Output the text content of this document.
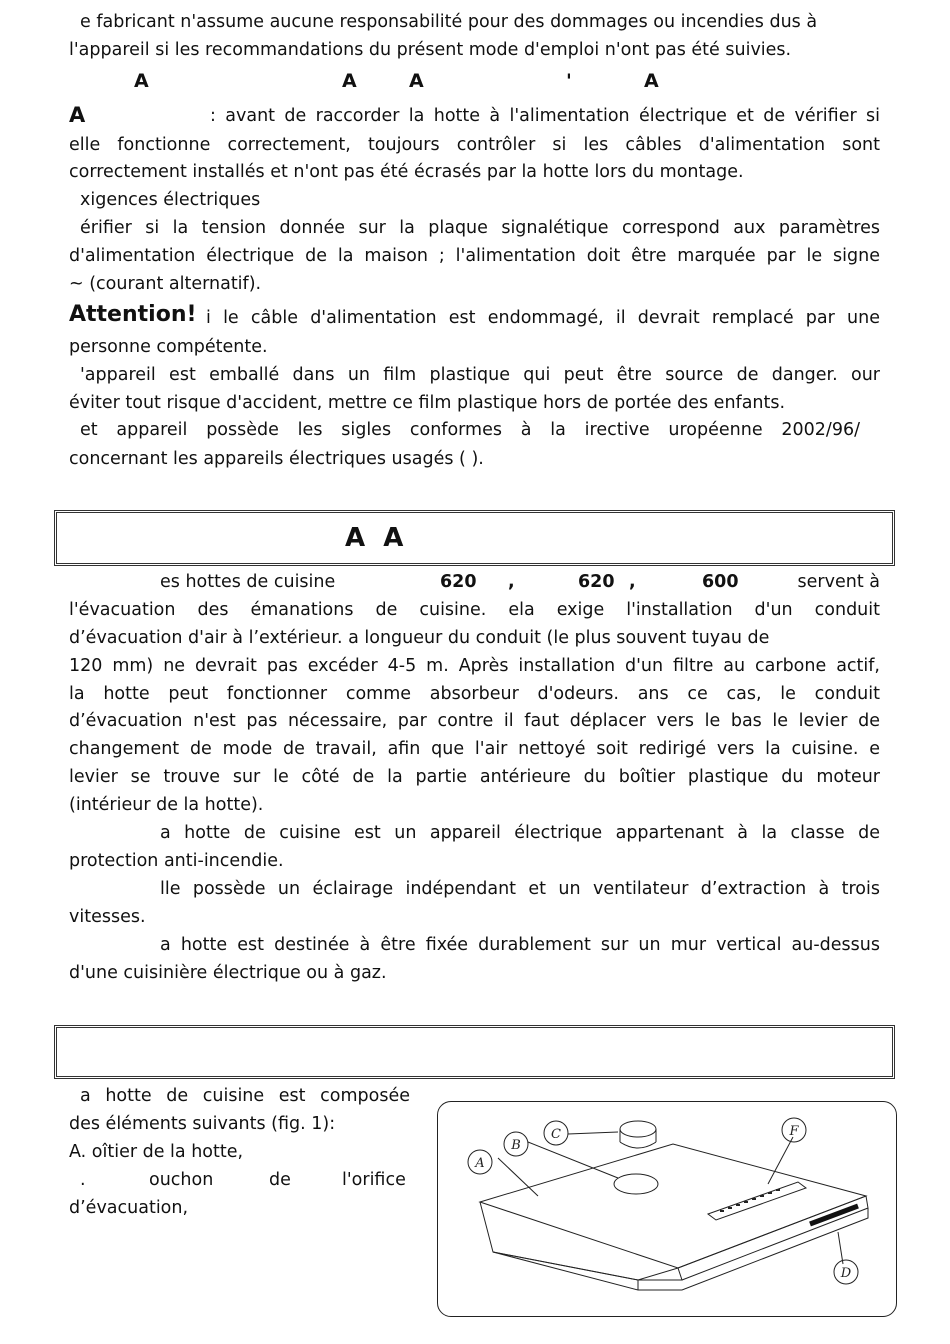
e fabricant n'assume aucune responsabilité pour des dommages ou incendies dus à
l'appareil si les recommandations du présent mode d'emploi n'ont pas été suivies.
A	A	A	'	A
A	: avant de raccorder la hotte à l'alimentation électrique et de vérifier si
elle fonctionne correctement, toujours contrôler si les câbles d'alimentation sont
correctement installés et n'ont pas été écrasés par la hotte lors du montage.
xigences électriques
érifier si la tension donnée sur la plaque signalétique correspond aux paramètres
d'alimentation électrique de la maison ; l'alimentation doit être marquée par le signe
~ (courant alternatif).
Attention! i le câble d'alimentation est endommagé, il devrait remplacé par une
personne compétente.
'appareil est emballé dans un film plastique qui peut être source de danger. our
éviter tout risque d'accident, mettre ce film plastique hors de portée des enfants.
et appareil possède les sigles conformes à la irective uropéenne 2002/96/
concernant les appareils électriques usagés ( ).
A  A
es hottes de cuisine	620 ,	620 ,	600	servent à
l'évacuation des émanations de cuisine. ela exige l'installation d'un conduit
d’évacuation d'air à l’extérieur. a longueur du conduit (le plus souvent tuyau de
120 mm) ne devrait pas excéder 4-5 m. Après installation d'un filtre au carbone actif,
la hotte peut fonctionner comme absorbeur d'odeurs. ans ce cas, le conduit
d’évacuation n'est pas nécessaire, par contre il faut déplacer vers le bas le levier de
changement de mode de travail, afin que l'air nettoyé soit redirigé vers la cuisine. e
levier se trouve sur le côté de la partie antérieure du boîtier plastique du moteur
(intérieur de la hotte).
a hotte de cuisine est un appareil électrique appartenant à la classe de
protection anti-incendie.
lle possède un éclairage indépendant et un ventilateur d’extraction à trois
vitesses.
a hotte est destinée à être fixée durablement sur un mur vertical au-dessus
d'une cuisinière électrique ou à gaz.
a hotte de cuisine est composée
des éléments suivants (fig. 1):
A. oîtier de la hotte,
.	ouchon	de	l'orifice
d’évacuation,
A
B
C
D
F
